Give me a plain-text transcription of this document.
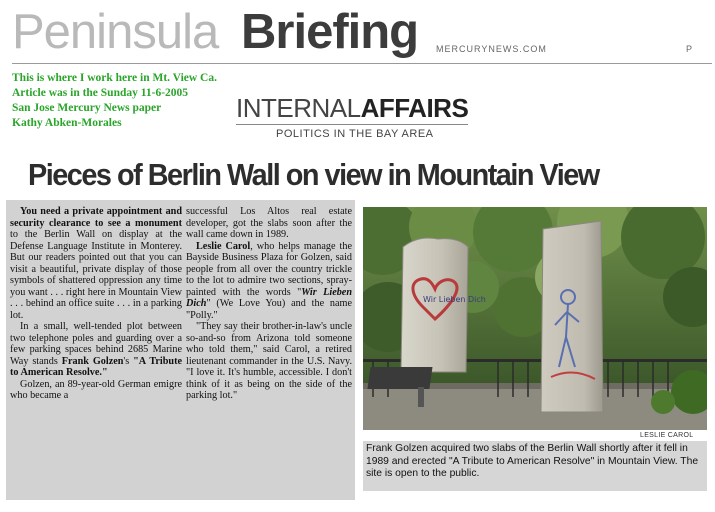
Peninsula Briefing MERCURYNEWS.COM	P
This is where I work here in Mt. View Ca.
Article was in the Sunday 11-6-2005
San Jose Mercury News paper
Kathy Abken-Morales	INTERNALAFFAIRS
POLITICS IN THE BAY AREA
Pieces of Berlin Wall on view in Mountain View

You need a private appointment and security clearance to see a monument to the Berlin Wall on display at the Defense Language Institute in Monterey. But our readers pointed out that you can visit a beautiful, private display of those symbols of shattered oppression any time you want . . . right here in Mountain View . . . behind an office suite . . . in a parking lot.

In a small, well-tended plot between two telephone poles and guarding over a few parking spaces behind 2685 Marine Way stands Frank Golzen's "A Tribute to American Resolve."

Golzen, an 89-year-old German emigre who became a

successful Los Altos real estate developer, got the slabs soon after the wall came down in 1989.

Leslie Carol, who helps manage the Bayside Business Plaza for Golzen, said people from all over the country trickle to the lot to admire two sections, spray-painted with the words "Wir Lieben Dich" (We Love You) and the name "Polly."

"They say their brother-in-law's uncle so-and-so from Arizona told someone who told them," said Carol, a retired lieutenant commander in the U.S. Navy. "I love it. It's humble, accessible. I don't think of it as being on the side of the parking lot."

Wir Lieben Dich
LESLIE CAROL
Frank Golzen acquired two slabs of the Berlin Wall shortly after it fell in 1989 and erected "A Tribute to American Resolve" in Mountain View. The site is open to the public.
